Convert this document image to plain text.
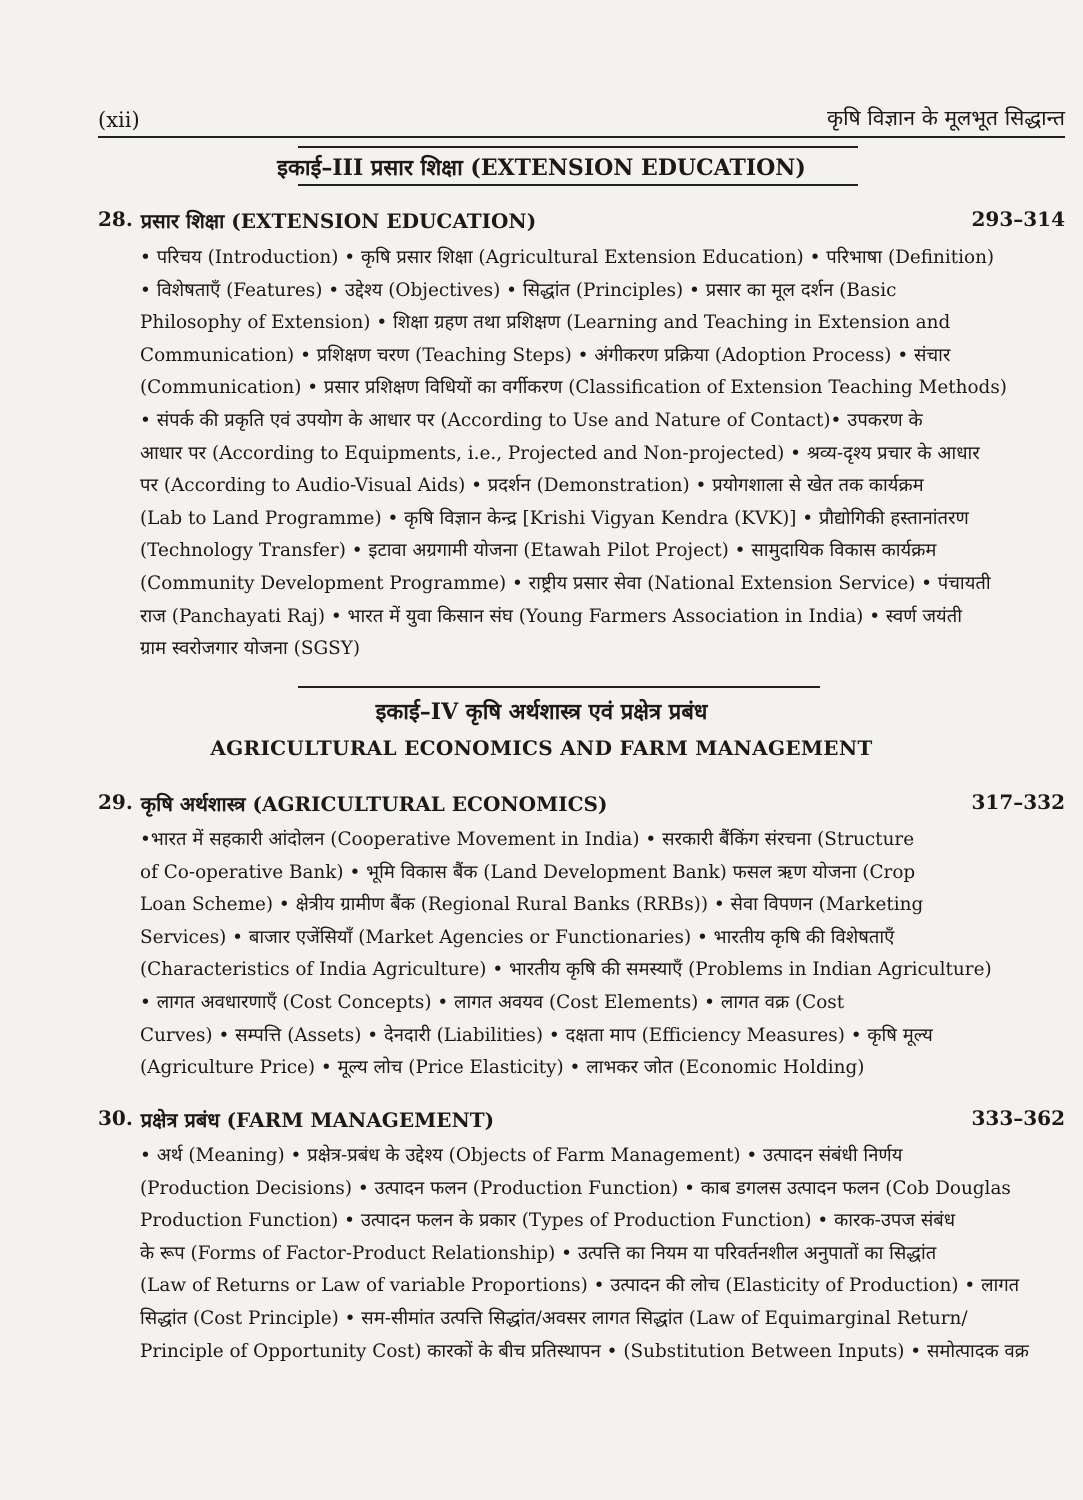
(xii)	कृषि विज्ञान के मूलभूत सिद्धान्त
इकाई–III प्रसार शिक्षा (EXTENSION EDUCATION)
28. प्रसार शिक्षा (EXTENSION EDUCATION)	293–314
• परिचय (Introduction) • कृषि प्रसार शिक्षा (Agricultural Extension Education) • परिभाषा (Definition)
• विशेषताएँ (Features) • उद्देश्य (Objectives) • सिद्धांत (Principles) • प्रसार का मूल दर्शन (Basic
Philosophy of Extension) • शिक्षा ग्रहण तथा प्रशिक्षण (Learning and Teaching in Extension and
Communication) • प्रशिक्षण चरण (Teaching Steps) • अंगीकरण प्रक्रिया (Adoption Process) • संचार
(Communication) • प्रसार प्रशिक्षण विधियों का वर्गीकरण (Classification of Extension Teaching Methods)
• संपर्क की प्रकृति एवं उपयोग के आधार पर (According to Use and Nature of Contact)• उपकरण के
आधार पर (According to Equipments, i.e., Projected and Non-projected) • श्रव्य-दृश्य प्रचार के आधार
पर (According to Audio-Visual Aids) • प्रदर्शन (Demonstration) • प्रयोगशाला से खेत तक कार्यक्रम
(Lab to Land Programme) • कृषि विज्ञान केन्द्र [Krishi Vigyan Kendra (KVK)] • प्रौद्योगिकी हस्तानांतरण
(Technology Transfer) • इटावा अग्रगामी योजना (Etawah Pilot Project) • सामुदायिक विकास कार्यक्रम
(Community Development Programme) • राष्ट्रीय प्रसार सेवा (National Extension Service) • पंचायती
राज (Panchayati Raj) • भारत में युवा किसान संघ (Young Farmers Association in India) • स्वर्ण जयंती
ग्राम स्वरोजगार योजना (SGSY)
इकाई–IV कृषि अर्थशास्त्र एवं प्रक्षेत्र प्रबंध
AGRICULTURAL ECONOMICS AND FARM MANAGEMENT
29. कृषि अर्थशास्त्र (AGRICULTURAL ECONOMICS)	317–332
•भारत में सहकारी आंदोलन (Cooperative Movement in India) • सरकारी बैंकिंग संरचना (Structure
of Co-operative Bank) • भूमि विकास बैंक (Land Development Bank) फसल ऋण योजना (Crop
Loan Scheme) • क्षेत्रीय ग्रामीण बैंक (Regional Rural Banks (RRBs)) • सेवा विपणन (Marketing
Services) • बाजार एजेंसियाँ (Market Agencies or Functionaries) • भारतीय कृषि की विशेषताएँ
(Characteristics of India Agriculture) • भारतीय कृषि की समस्याएँ (Problems in Indian Agriculture)
• लागत अवधारणाएँ (Cost Concepts) • लागत अवयव (Cost Elements) • लागत वक्र (Cost
Curves) • सम्पत्ति (Assets) • देनदारी (Liabilities) • दक्षता माप (Efficiency Measures) • कृषि मूल्य
(Agriculture Price) • मूल्य लोच (Price Elasticity) • लाभकर जोत (Economic Holding)
30. प्रक्षेत्र प्रबंध (FARM MANAGEMENT)	333–362
• अर्थ (Meaning) • प्रक्षेत्र-प्रबंध के उद्देश्य (Objects of Farm Management) • उत्पादन संबंधी निर्णय
(Production Decisions) • उत्पादन फलन (Production Function) • काब डगलस उत्पादन फलन (Cob Douglas
Production Function) • उत्पादन फलन के प्रकार (Types of Production Function) • कारक-उपज संबंध
के रूप (Forms of Factor-Product Relationship) • उत्पत्ति का नियम या परिवर्तनशील अनुपातों का सिद्धांत
(Law of Returns or Law of variable Proportions) • उत्पादन की लोच (Elasticity of Production) • लागत
सिद्धांत (Cost Principle) • सम-सीमांत उत्पत्ति सिद्धांत/अवसर लागत सिद्धांत (Law of Equimarginal Return/
Principle of Opportunity Cost) कारकों के बीच प्रतिस्थापन • (Substitution Between Inputs) • समोत्पादक वक्र
